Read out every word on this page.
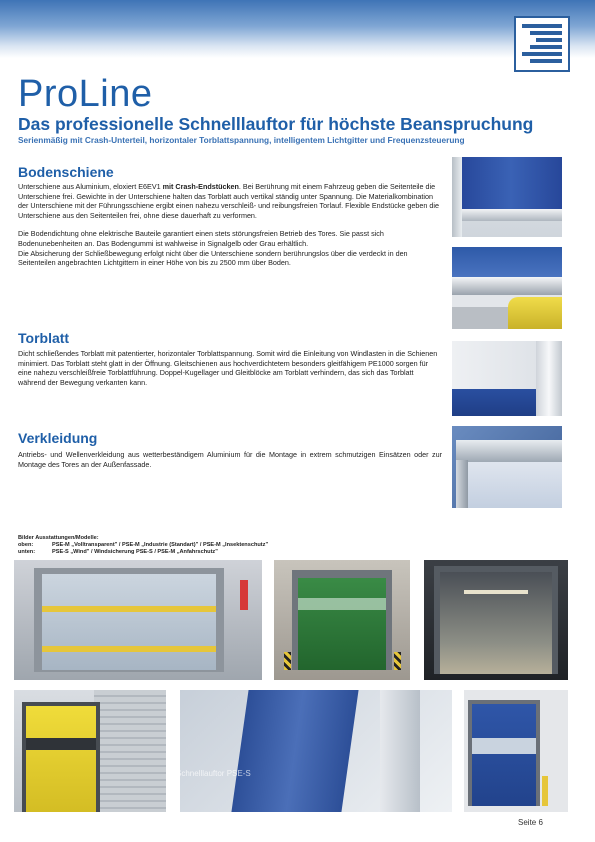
ProLine
Das professionelle Schnelllauftor für höchste Beanspruchung
Serienmäßig mit Crash-Unterteil, horizontaler Torblattspannung, intelligentem Lichtgitter und Frequenzsteuerung
Bodenschiene

Unterschiene aus Aluminium, eloxiert E6EV1 mit Crash-Endstücken. Bei Berührung mit einem Fahrzeug geben die Seitenteile die Unterschiene frei. Gewichte in der Unterschiene halten das Torblatt auch vertikal ständig unter Spannung. Die Materialkombination der Unterschiene mit der Führungsschiene ergibt einen nahezu verschleiß- und reibungsfreien Torlauf. Flexible Endstücke geben die Unterschiene aus den Seitenteilen frei, ohne diese dauerhaft zu verformen.

Die Bodendichtung ohne elektrische Bauteile garantiert einen stets störungsfreien Betrieb des Tores. Sie passt sich Bodenunebenheiten an. Das Bodengummi ist wahlweise in Signalgelb oder Grau erhältlich.

Die Absicherung der Schließbewegung erfolgt nicht über die Unterschiene sondern berührungslos über die verdeckt in den Seitenteilen angebrachten Lichtgittern in einer Höhe von bis zu 2500 mm über Boden.

Torblatt

Dicht schließendes Torblatt mit patentierter, horizontaler Torblattspannung. Somit wird die Einleitung von Windlasten in die Schienen minimiert. Das Torblatt steht glatt in der Öffnung. Gleitschienen aus hochverdichtetem besonders gleitfähigem PE1000 sorgen für eine nahezu verschleißfreie Torblattführung. Doppel-Kugellager und Gleitblöcke am Torblatt verhindern, das sich das Torblatt während der Bewegung verkanten kann.

Verkleidung

Antriebs- und Wellenverkleidung aus wetterbeständigem Aluminium für die Montage in extrem schmutzigen Einsätzen oder zur Montage des Tores an der Außenfassade.

Bilder Ausstattungen/Modelle:
oben:	PSE-M „Volltransparent" / PSE-M „Industrie (Standart)" / PSE-M „Insektenschutz"
unten:	PSE-S „Wind" / Windsicherung PSE-S / PSE-M „Anfahrschutz"
Schnelllauftor PSE-S
Seite 6
